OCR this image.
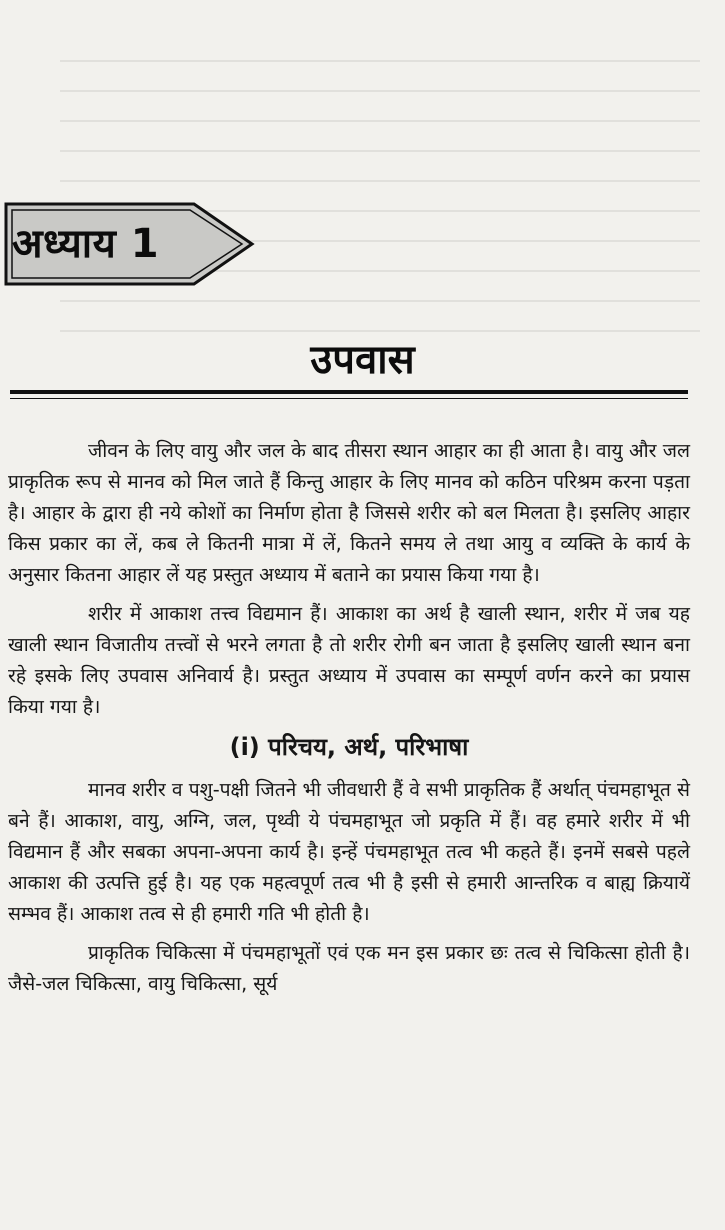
अध्याय 1
उपवास

जीवन के लिए वायु और जल के बाद तीसरा स्थान आहार का ही आता है। वायु और जल प्राकृतिक रूप से मानव को मिल जाते हैं किन्तु आहार के लिए मानव को कठिन परिश्रम करना पड़ता है। आहार के द्वारा ही नये कोशों का निर्माण होता है जिससे शरीर को बल मिलता है। इसलिए आहार किस प्रकार का लें, कब ले कितनी मात्रा में लें, कितने समय ले तथा आयु व व्यक्ति के कार्य के अनुसार कितना आहार लें यह प्रस्तुत अध्याय में बताने का प्रयास किया गया है।

शरीर में आकाश तत्त्व विद्यमान हैं। आकाश का अर्थ है खाली स्थान, शरीर में जब यह खाली स्थान विजातीय तत्त्वों से भरने लगता है तो शरीर रोगी बन जाता है इसलिए खाली स्थान बना रहे इसके लिए उपवास अनिवार्य है। प्रस्तुत अध्याय में उपवास का सम्पूर्ण वर्णन करने का प्रयास किया गया है।

(i) परिचय, अर्थ, परिभाषा

मानव शरीर व पशु-पक्षी जितने भी जीवधारी हैं वे सभी प्राकृतिक हैं अर्थात् पंचमहाभूत से बने हैं। आकाश, वायु, अग्नि, जल, पृथ्वी ये पंचमहाभूत जो प्रकृति में हैं। वह हमारे शरीर में भी विद्यमान हैं और सबका अपना-अपना कार्य है। इन्हें पंचमहाभूत तत्व भी कहते हैं। इनमें सबसे पहले आकाश की उत्पत्ति हुई है। यह एक महत्वपूर्ण तत्व भी है इसी से हमारी आन्तरिक व बाह्य क्रियायें सम्भव हैं। आकाश तत्व से ही हमारी गति भी होती है।

प्राकृतिक चिकित्सा में पंचमहाभूतों एवं एक मन इस प्रकार छः तत्व से चिकित्सा होती है। जैसे-जल चिकित्सा, वायु चिकित्सा, सूर्य
